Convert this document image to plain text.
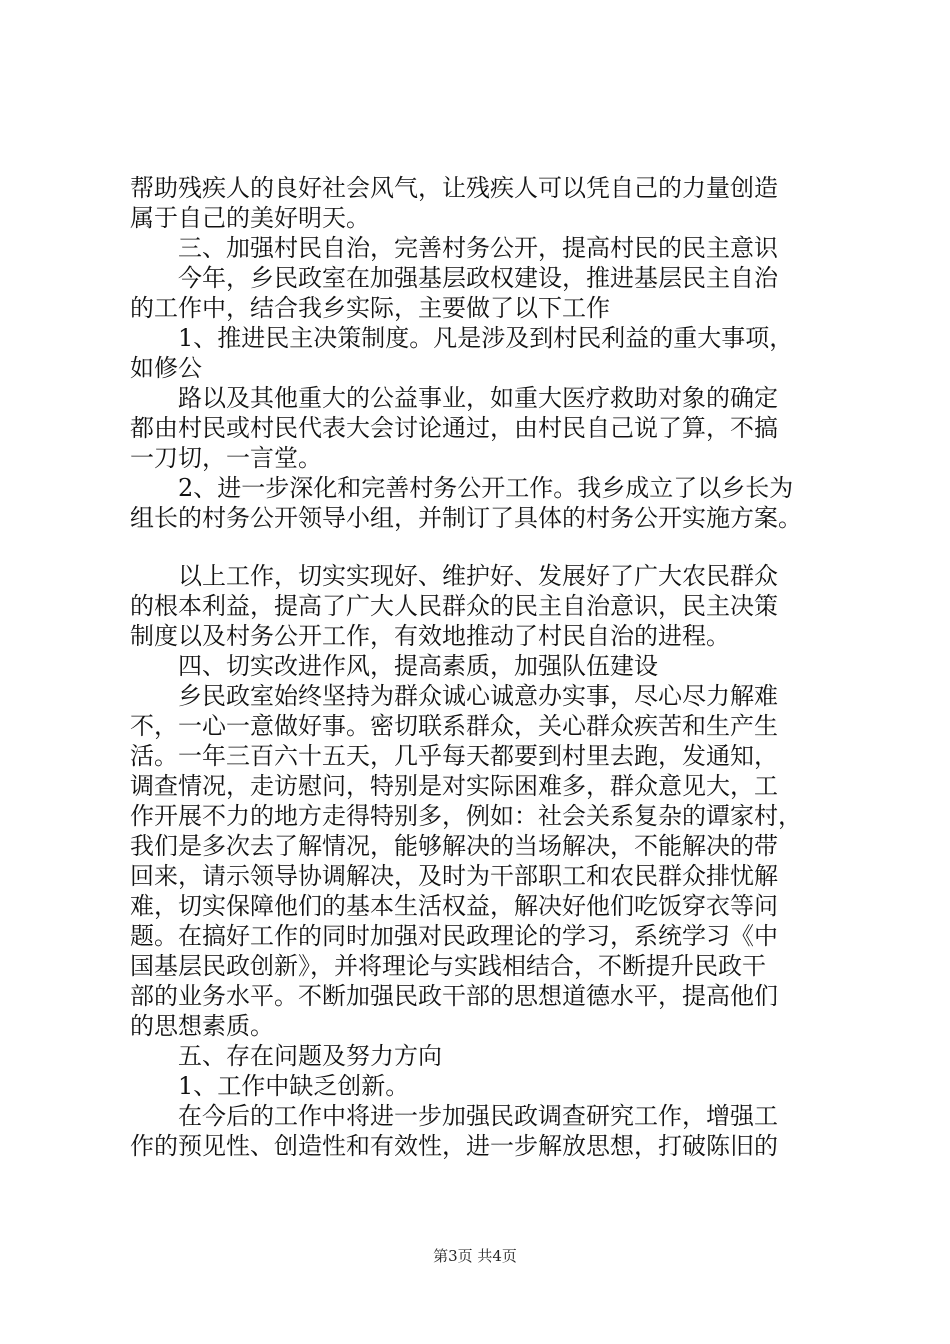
帮助残疾人的良好社会风气，让残疾人可以凭自己的力量创造
属于自己的美好明天。
三、加强村民自治，完善村务公开，提高村民的民主意识
今年，乡民政室在加强基层政权建设，推进基层民主自治
的工作中，结合我乡实际，主要做了以下工作
1、推进民主决策制度。凡是涉及到村民利益的重大事项，
如修公
路以及其他重大的公益事业，如重大医疗救助对象的确定
都由村民或村民代表大会讨论通过，由村民自己说了算，不搞
一刀切，一言堂。
2、进一步深化和完善村务公开工作。我乡成立了以乡长为
组长的村务公开领导小组，并制订了具体的村务公开实施方案。
以上工作，切实实现好、维护好、发展好了广大农民群众
的根本利益，提高了广大人民群众的民主自治意识，民主决策
制度以及村务公开工作，有效地推动了村民自治的进程。
四、切实改进作风，提高素质，加强队伍建设
乡民政室始终坚持为群众诚心诚意办实事，尽心尽力解难
不，一心一意做好事。密切联系群众，关心群众疾苦和生产生
活。一年三百六十五天，几乎每天都要到村里去跑，发通知，
调查情况，走访慰问，特别是对实际困难多，群众意见大，工
作开展不力的地方走得特别多，例如：社会关系复杂的谭家村，
我们是多次去了解情况，能够解决的当场解决，不能解决的带
回来，请示领导协调解决，及时为干部职工和农民群众排忧解
难，切实保障他们的基本生活权益，解决好他们吃饭穿衣等问
题。在搞好工作的同时加强对民政理论的学习，系统学习《中
国基层民政创新》，并将理论与实践相结合，不断提升民政干
部的业务水平。不断加强民政干部的思想道德水平，提高他们
的思想素质。
五、存在问题及努力方向
1、工作中缺乏创新。
在今后的工作中将进一步加强民政调查研究工作，增强工
作的预见性、创造性和有效性，进一步解放思想，打破陈旧的
第3页 共4页
